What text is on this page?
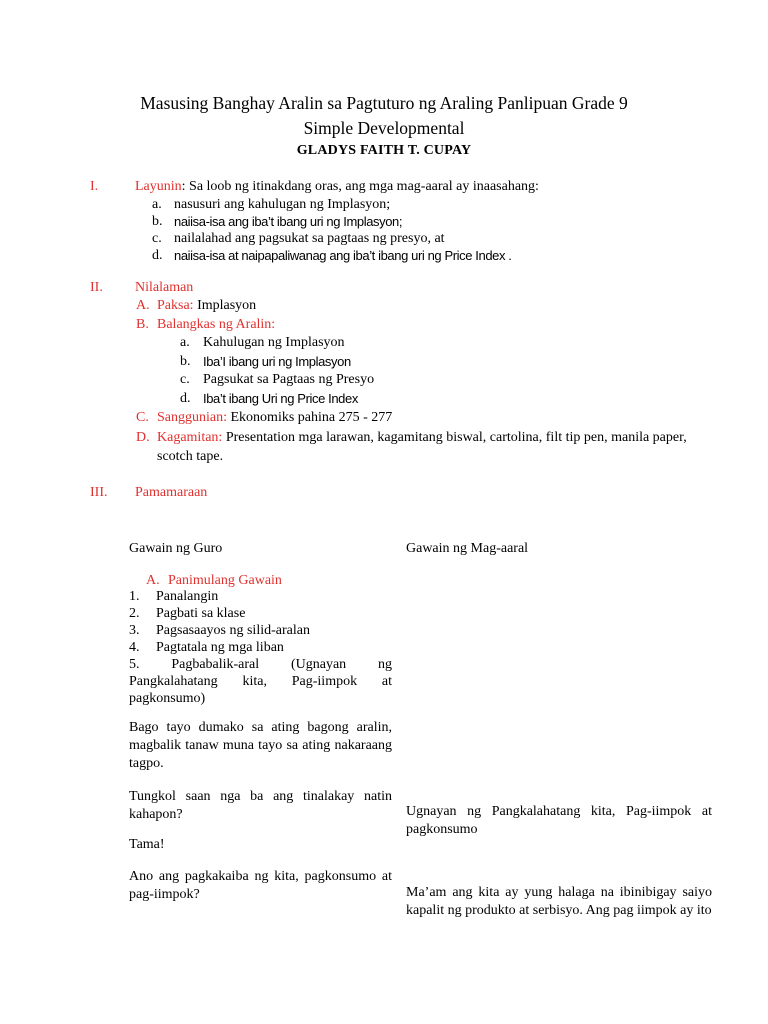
Masusing Banghay Aralin sa Pagtuturo ng Araling Panlipuan Grade 9
Simple Developmental
GLADYS FAITH T. CUPAY
I.	Layunin: Sa loob ng itinakdang oras, ang mga mag-aaral ay inaasahang:
a. nasusuri ang kahulugan ng Implasyon;
b. naiisa-isa ang iba’t ibang uri ng Implasyon;
c. nailalahad ang pagsukat sa pagtaas ng presyo, at
d. naiisa-isa at naipapaliwanag ang iba’t ibang uri ng Price Index .
II. Nilalaman
A. Paksa: Implasyon
B. Balangkas ng Aralin:
a. Kahulugan ng Implasyon
b. Iba’I ibang uri ng Implasyon
c. Pagsukat sa Pagtaas ng Presyo
d. Iba’t ibang Uri ng Price Index
C. Sanggunian: Ekonomiks pahina 275 - 277
D. Kagamitan: Presentation mga larawan, kagamitang biswal, cartolina, filt tip pen, manila paper,
scotch tape.
III. Pamamaraan
Gawain ng Guro	Gawain ng Mag-aaral
A. Panimulang Gawain
1. Panalangin
2. Pagbati sa klase
3. Pagsasaayos ng silid-aralan
4. Pagtatala ng mga liban
5. Pagbabalik-aral (Ugnayan ng
Pangkalahatang kita, Pag-iimpok at
pagkonsumo)
Bago tayo dumako sa ating bagong aralin, magbalik tanaw muna tayo sa ating nakaraang tagpo.
Tungkol saan nga ba ang tinalakay natin kahapon?
Tama!
Ano ang pagkakaiba ng kita, pagkonsumo at pag-iimpok?
Ugnayan ng Pangkalahatang kita, Pag-iimpok at pagkonsumo
Ma’am ang kita ay yung halaga na ibinibigay saiyo kapalit ng produkto at serbisyo. Ang pag iimpok ay ito
